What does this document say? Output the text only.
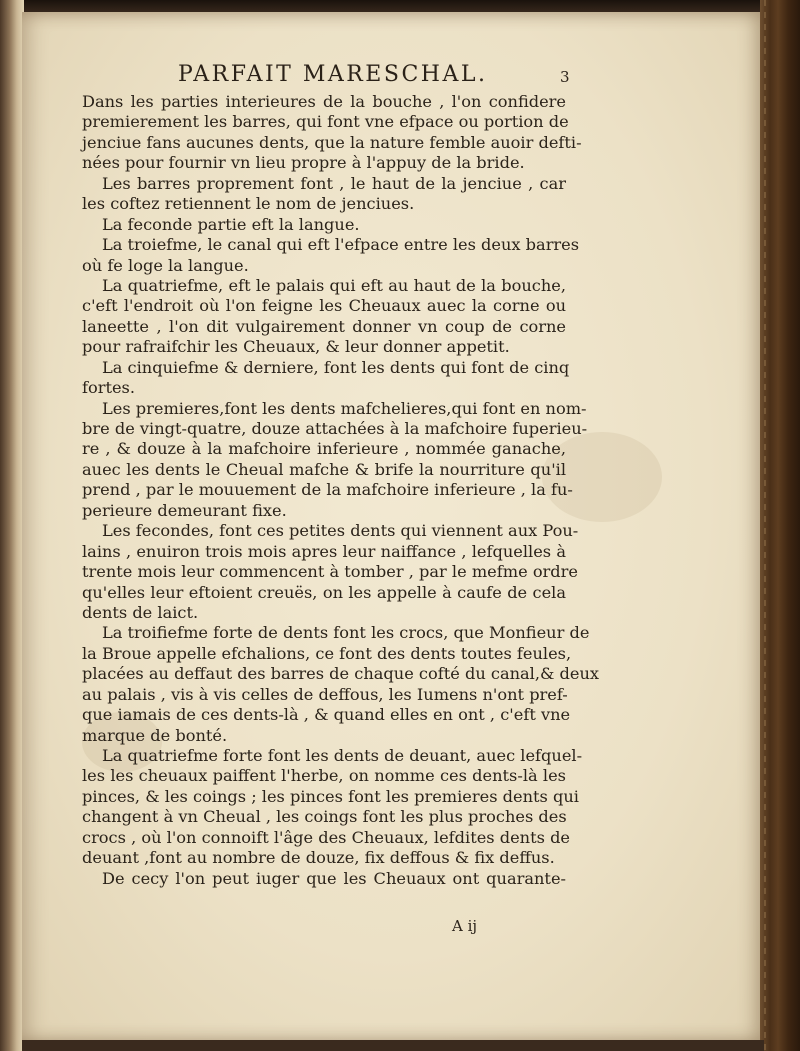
PARFAIT MARESCHAL.	3
Dans les parties interieures de la bouche , l'on confidere
premierement les barres, qui font vne efpace ou portion de
jenciue fans aucunes dents, que la nature femble auoir defti-
nées pour fournir vn lieu propre à l'appuy de la bride.
Les barres proprement font , le haut de la jenciue , car
les coftez retiennent le nom de jenciues.
La feconde partie eft la langue.
La troiefme, le canal qui eft l'efpace entre les deux barres
où fe loge la langue.
La quatriefme, eft le palais qui eft au haut de la bouche,
c'eft l'endroit où l'on feigne les Cheuaux auec la corne ou
laneette , l'on dit vulgairement donner vn coup de corne
pour rafraifchir les Cheuaux, & leur donner appetit.
La cinquiefme & derniere, font les dents qui font de cinq
fortes.
Les premieres,font les dents mafchelieres,qui font en nom-
bre de vingt-quatre, douze attachées à la mafchoire fuperieu-
re , & douze à la mafchoire inferieure , nommée ganache,
auec les dents le Cheual mafche & brife la nourriture qu'il
prend , par le mouuement de la mafchoire inferieure , la fu-
perieure demeurant fixe.
Les fecondes, font ces petites dents qui viennent aux Pou-
lains , enuiron trois mois apres leur naiffance , lefquelles à
trente mois leur commencent à tomber , par le mefme ordre
qu'elles leur eftoient creuës, on les appelle à caufe de cela
dents de laict.
La troifiefme forte de dents font les crocs, que Monfieur de
la Broue appelle efchalions, ce font des dents toutes feules,
placées au deffaut des barres de chaque cofté du canal,& deux
au palais , vis à vis celles de deffous, les Iumens n'ont pref-
que iamais de ces dents-là , & quand elles en ont , c'eft vne
marque de bonté.
La quatriefme forte font les dents de deuant, auec lefquel-
les les cheuaux paiffent l'herbe, on nomme ces dents-là les
pinces, & les coings ; les pinces font les premieres dents qui
changent à vn Cheual , les coings font les plus proches des
crocs , où l'on connoift l'âge des Cheuaux, lefdites dents de
deuant ,font au nombre de douze, fix deffous & fix deffus.
De cecy l'on peut iuger que les Cheuaux ont quarante-
A ij
